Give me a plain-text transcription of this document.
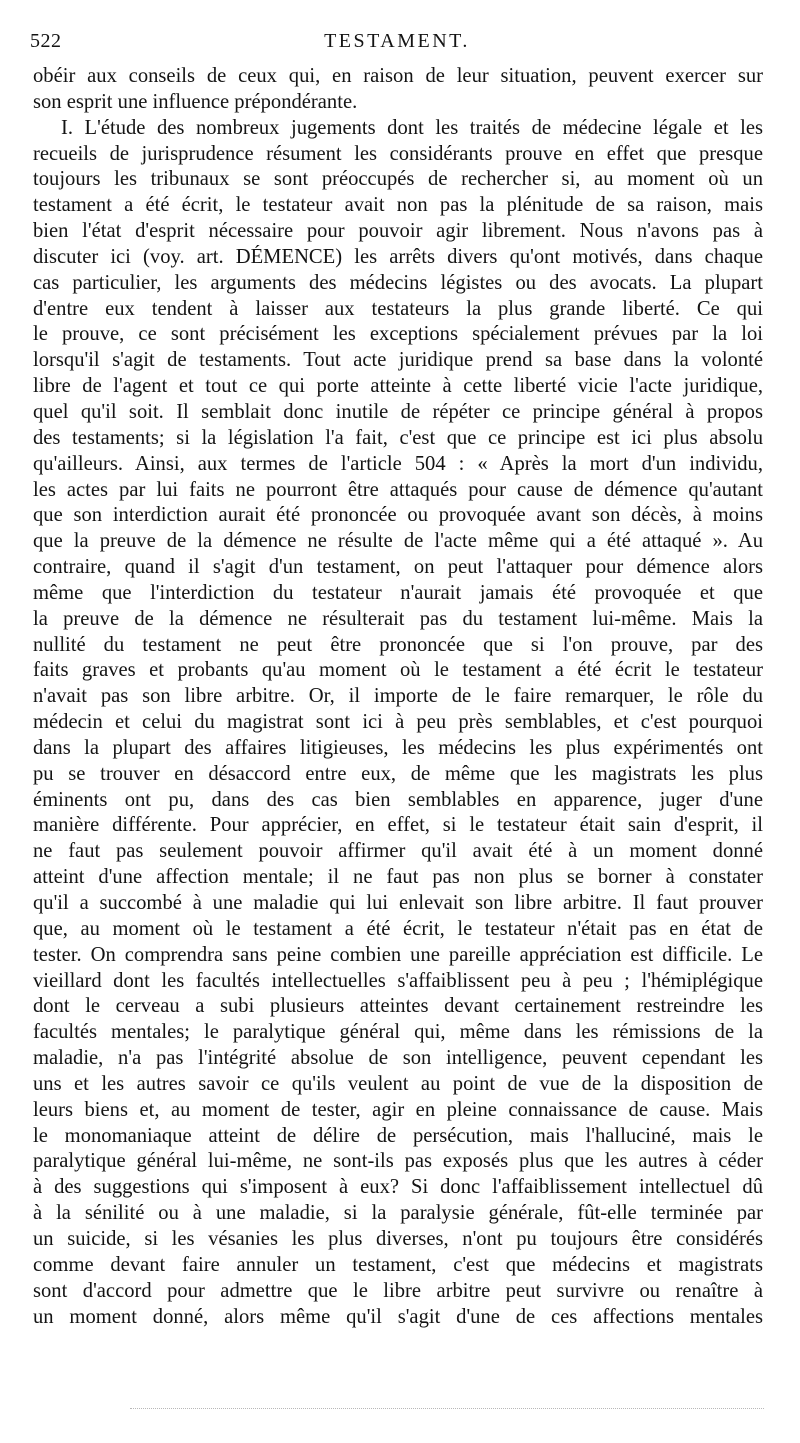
522	TESTAMENT.
obéir aux conseils de ceux qui, en raison de leur situation, peuvent exercer sur
son esprit une influence prépondérante.
I. L'étude des nombreux jugements dont les traités de médecine légale et les
recueils de jurisprudence résument les considérants prouve en effet que presque
toujours les tribunaux se sont préoccupés de rechercher si, au moment où un
testament a été écrit, le testateur avait non pas la plénitude de sa raison, mais
bien l'état d'esprit nécessaire pour pouvoir agir librement. Nous n'avons pas à
discuter ici (voy. art. DÉMENCE) les arrêts divers qu'ont motivés, dans chaque
cas particulier, les arguments des médecins légistes ou des avocats. La plupart
d'entre eux tendent à laisser aux testateurs la plus grande liberté. Ce qui
le prouve, ce sont précisément les exceptions spécialement prévues par la loi
lorsqu'il s'agit de testaments. Tout acte juridique prend sa base dans la volonté
libre de l'agent et tout ce qui porte atteinte à cette liberté vicie l'acte juridique,
quel qu'il soit. Il semblait donc inutile de répéter ce principe général à propos
des testaments; si la législation l'a fait, c'est que ce principe est ici plus absolu
qu'ailleurs. Ainsi, aux termes de l'article 504 : « Après la mort d'un individu,
les actes par lui faits ne pourront être attaqués pour cause de démence qu'autant
que son interdiction aurait été prononcée ou provoquée avant son décès, à moins
que la preuve de la démence ne résulte de l'acte même qui a été attaqué ». Au
contraire, quand il s'agit d'un testament, on peut l'attaquer pour démence alors
même que l'interdiction du testateur n'aurait jamais été provoquée et que
la preuve de la démence ne résulterait pas du testament lui-même. Mais la
nullité du testament ne peut être prononcée que si l'on prouve, par des
faits graves et probants qu'au moment où le testament a été écrit le testateur
n'avait pas son libre arbitre. Or, il importe de le faire remarquer, le rôle du
médecin et celui du magistrat sont ici à peu près semblables, et c'est pourquoi
dans la plupart des affaires litigieuses, les médecins les plus expérimentés ont
pu se trouver en désaccord entre eux, de même que les magistrats les plus
éminents ont pu, dans des cas bien semblables en apparence, juger d'une
manière différente. Pour apprécier, en effet, si le testateur était sain d'esprit, il
ne faut pas seulement pouvoir affirmer qu'il avait été à un moment donné
atteint d'une affection mentale; il ne faut pas non plus se borner à constater
qu'il a succombé à une maladie qui lui enlevait son libre arbitre. Il faut prouver
que, au moment où le testament a été écrit, le testateur n'était pas en état de
tester. On comprendra sans peine combien une pareille appréciation est difficile. Le
vieillard dont les facultés intellectuelles s'affaiblissent peu à peu ; l'hémiplégique
dont le cerveau a subi plusieurs atteintes devant certainement restreindre les
facultés mentales; le paralytique général qui, même dans les rémissions de la
maladie, n'a pas l'intégrité absolue de son intelligence, peuvent cependant les
uns et les autres savoir ce qu'ils veulent au point de vue de la disposition de
leurs biens et, au moment de tester, agir en pleine connaissance de cause. Mais
le monomaniaque atteint de délire de persécution, mais l'halluciné, mais le
paralytique général lui-même, ne sont-ils pas exposés plus que les autres à céder
à des suggestions qui s'imposent à eux? Si donc l'affaiblissement intellectuel dû
à la sénilité ou à une maladie, si la paralysie générale, fût-elle terminée par
un suicide, si les vésanies les plus diverses, n'ont pu toujours être considérés
comme devant faire annuler un testament, c'est que médecins et magistrats
sont d'accord pour admettre que le libre arbitre peut survivre ou renaître à
un moment donné, alors même qu'il s'agit d'une de ces affections mentales
